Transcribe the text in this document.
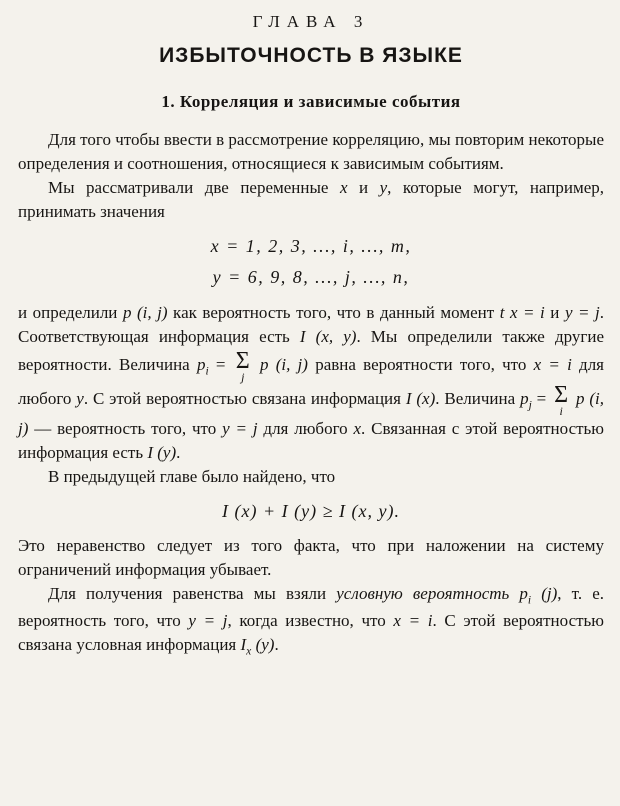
ГЛАВА 3
ИЗБЫТОЧНОСТЬ В ЯЗЫКЕ
1. Корреляция и зависимые события

Для того чтобы ввести в рассмотрение корреляцию, мы повторим некоторые определения и соотношения, относящиеся к зависимым событиям.

Мы рассматривали две переменные x и y, которые могут, например, принимать значения

x = 1, 2, 3, …, i, …, m,
y = 6, 9, 8, …, j, …, n,

и определили p (i, j) как вероятность того, что в данный момент t x = i и y = j. Соответствующая информация есть I (x, y). Мы определили также другие вероятности. Величина $p_i = \Sigma$
j
p (i, j) равна вероятности того, что x = i для любого y. С этой вероятностью связана информация I (x). Величина $p_j = \Sigma$
i
p (i, j) — вероятность того, что y = j для любого x. Связанная с этой вероятностью информация есть I (y).

В предыдущей главе было найдено, что

I (x) + I (y) ≥ I (x, y).

Это неравенство следует из того факта, что при наложении на систему ограничений информация убывает.

Для получения равенства мы взяли условную вероятность $p_i$ (j), т. е. вероятность того, что y = j, когда известно, что x = i. С этой вероятностью связана условная информация $I_x$ (y).
